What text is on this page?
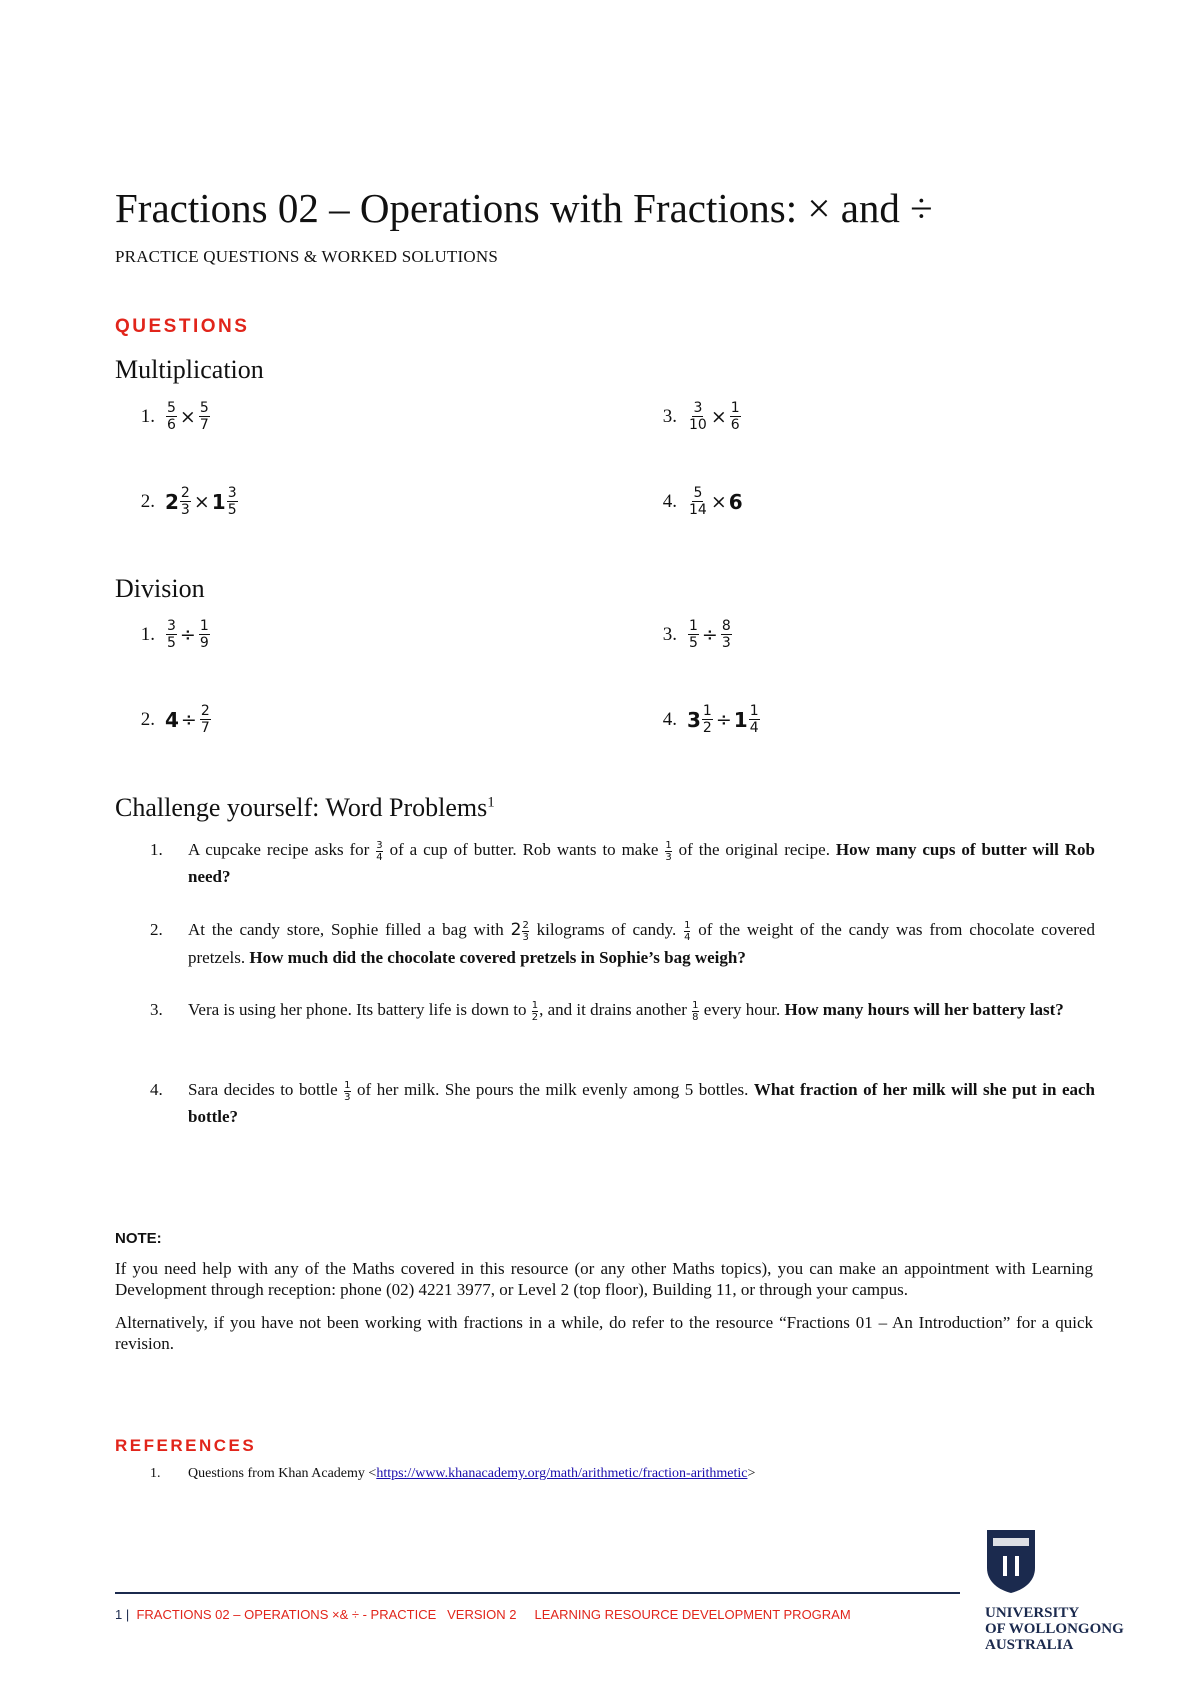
Fractions 02 – Operations with Fractions: × and ÷
PRACTICE QUESTIONS & WORKED SOLUTIONS
QUESTIONS
Multiplication
1. $\frac{5}{6} \times \frac{5}{7}$	3. $\frac{3}{10} \times \frac{1}{6}$
2. $2 \frac{2}{3} \times 1 \frac{3}{5}$	4. $\frac{5}{14} \times 6$
Division
1. $\frac{3}{5} \div \frac{1}{9}$	3. $\frac{1}{5} \div \frac{8}{3}$
2. $4 \div \frac{2}{7}$	4. $3 \frac{1}{2} \div 1 \frac{1}{4}$
Challenge yourself: Word Problems$^1$
1. A cupcake recipe asks for $\frac{3}{4}$ of a cup of butter. Rob wants to make $\frac{1}{3}$ of the original recipe. How many cups of butter will Rob need?
2. At the candy store, Sophie filled a bag with $2 \frac{2}{3}$ kilograms of candy. $\frac{1}{4}$ of the weight of the candy was from chocolate covered pretzels. How much did the chocolate covered pretzels in Sophie’s bag weigh?
3. Vera is using her phone. Its battery life is down to $\frac{1}{2}$ , and it drains another $\frac{1}{8}$ every hour. How many hours will her battery last?
4. Sara decides to bottle $\frac{1}{3}$ of her milk. She pours the milk evenly among 5 bottles. What fraction of her milk will she put in each bottle?
NOTE:
If you need help with any of the Maths covered in this resource (or any other Maths topics), you can make an appointment with Learning Development through reception: phone (02) 4221 3977, or Level 2 (top floor), Building 11, or through your campus.
Alternatively, if you have not been working with fractions in a while, do refer to the resource “Fractions 01 – An Introduction” for a quick revision.
REFERENCES
1. Questions from Khan Academy <https://www.khanacademy.org/math/arithmetic/fraction-arithmetic>
1 | FRACTIONS 02 – OPERATIONS ×& ÷ - PRACTICE VERSION 2 LEARNING RESOURCE DEVELOPMENT PROGRAM	UNIVERSITY
OF WOLLONGONG
AUSTRALIA
